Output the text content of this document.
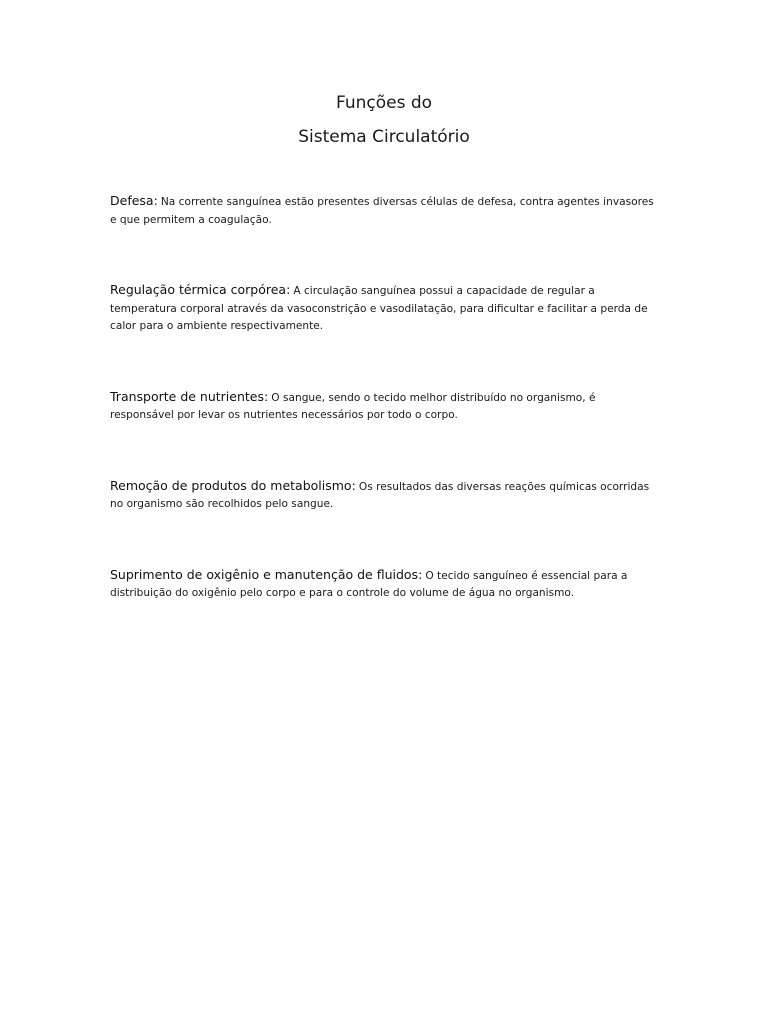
Funções do
Sistema Circulatório

Defesa: Na corrente sanguínea estão presentes diversas células de defesa, contra agentes invasores e que permitem a coagulação.

Regulação térmica corpórea: A circulação sanguínea possui a capacidade de regular a temperatura corporal através da vasoconstrição e vasodilatação, para dificultar e facilitar a perda de calor para o ambiente respectivamente.

Transporte de nutrientes: O sangue, sendo o tecido melhor distribuído no organismo, é responsável por levar os nutrientes necessários por todo o corpo.

Remoção de produtos do metabolismo: Os resultados das diversas reações químicas ocorridas no organismo são recolhidos pelo sangue.

Suprimento de oxigênio e manutenção de fluidos: O tecido sanguíneo é essencial para a distribuição do oxigênio pelo corpo e para o controle do volume de água no organismo.
